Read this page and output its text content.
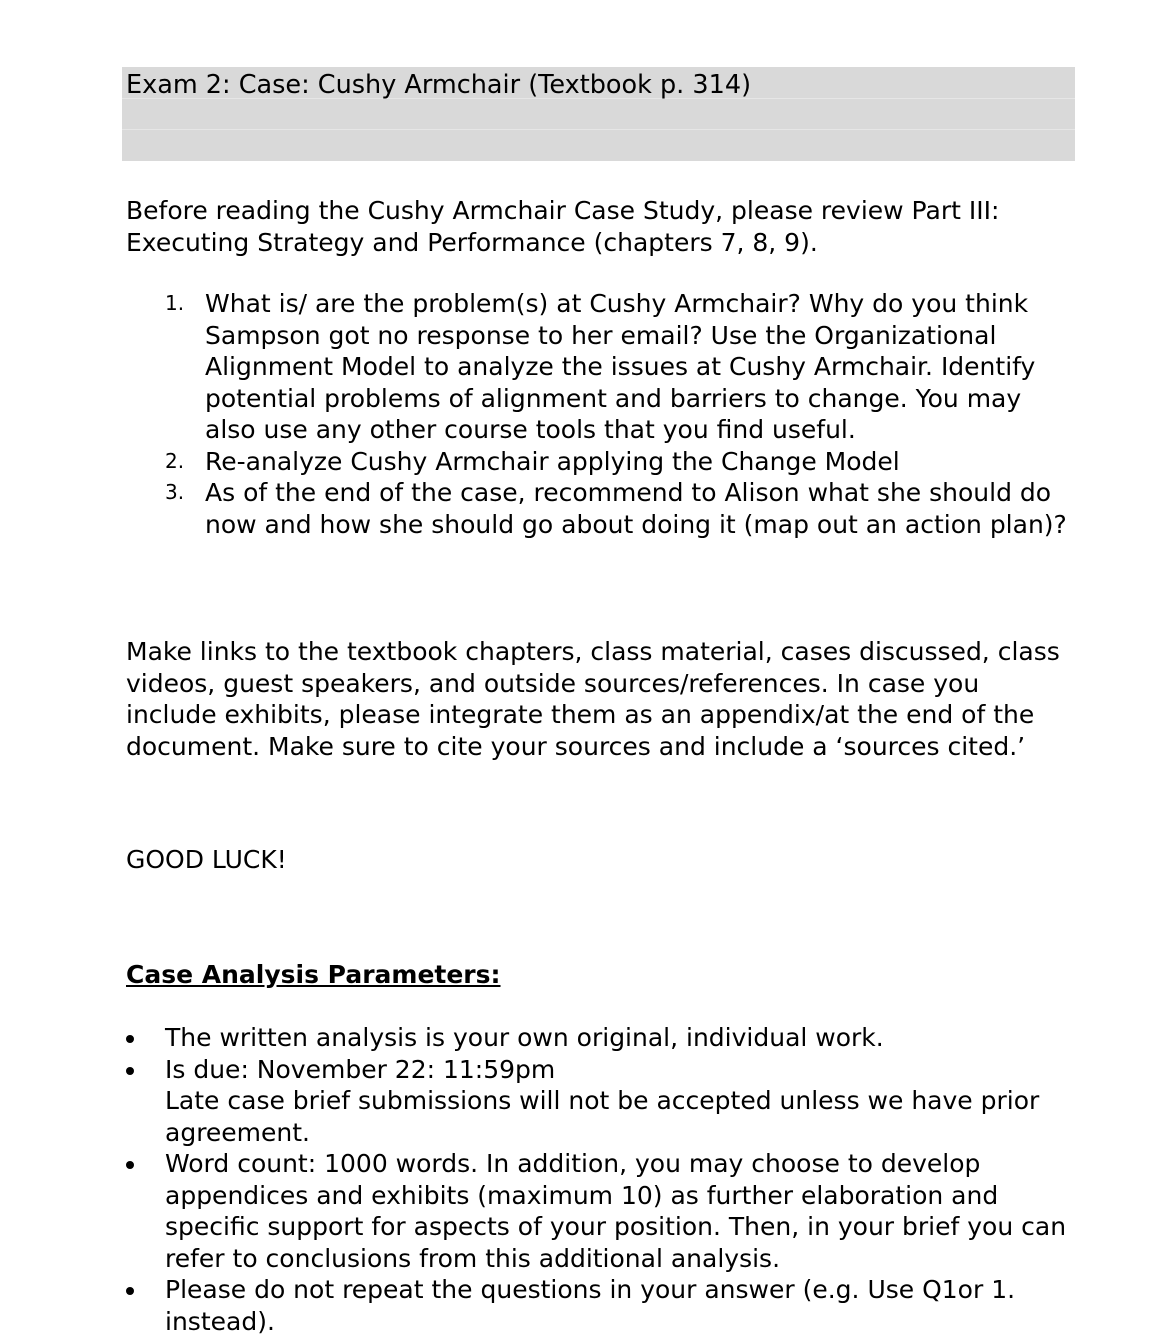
Exam 2: Case: Cushy Armchair (Textbook p. 314)

Before reading the Cushy Armchair Case Study, please review Part III: Executing Strategy and Performance (chapters 7, 8, 9).

1. What is/ are the problem(s) at Cushy Armchair? Why do you think Sampson got no response to her email? Use the Organizational Alignment Model to analyze the issues at Cushy Armchair. Identify potential problems of alignment and barriers to change. You may also use any other course tools that you find useful.
2. Re-analyze Cushy Armchair applying the Change Model
3. As of the end of the case, recommend to Alison what she should do now and how she should go about doing it (map out an action plan)?

Make links to the textbook chapters, class material, cases discussed, class videos, guest speakers, and outside sources/references. In case you include exhibits, please integrate them as an appendix/at the end of the document. Make sure to cite your sources and include a ‘sources cited.’

GOOD LUCK!

Case Analysis Parameters:
The written analysis is your own original, individual work.
Is due: November 22: 11:59pm
Late case brief submissions will not be accepted unless we have prior agreement.
Word count: 1000 words. In addition, you may choose to develop appendices and exhibits (maximum 10) as further elaboration and specific support for aspects of your position. Then, in your brief you can refer to conclusions from this additional analysis.
Please do not repeat the questions in your answer (e.g. Use Q1or 1. instead).
